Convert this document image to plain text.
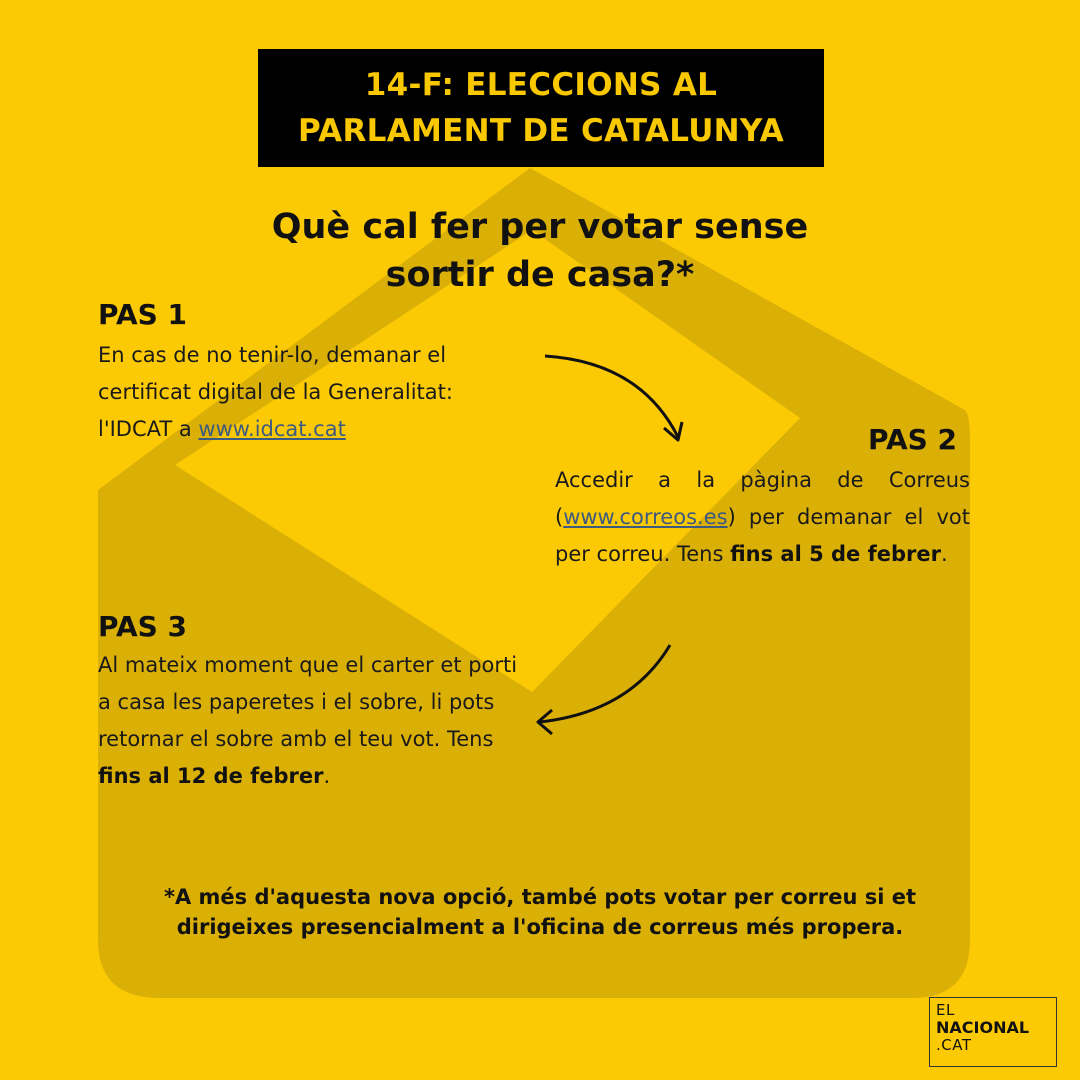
14-F: ELECCIONS AL
PARLAMENT DE CATALUNYA
Què cal fer per votar sense
sortir de casa?*
PAS 1
En cas de no tenir-lo, demanar el certificat digital de la Generalitat: l'IDCAT a www.idcat.cat	PAS 2
Accedir a la pàgina de Correus (www.correos.es) per demanar el vot per correu. Tens fins al 5 de febrer.
PAS 3
Al mateix moment que el carter et porti a casa les paperetes i el sobre, li pots retornar el sobre amb el teu vot. Tens fins al 12 de febrer.
*A més d'aquesta nova opció, també pots votar per correu si et dirigeixes presencialment a l'oficina de correus més propera.
EL
NACIONAL
.CAT
